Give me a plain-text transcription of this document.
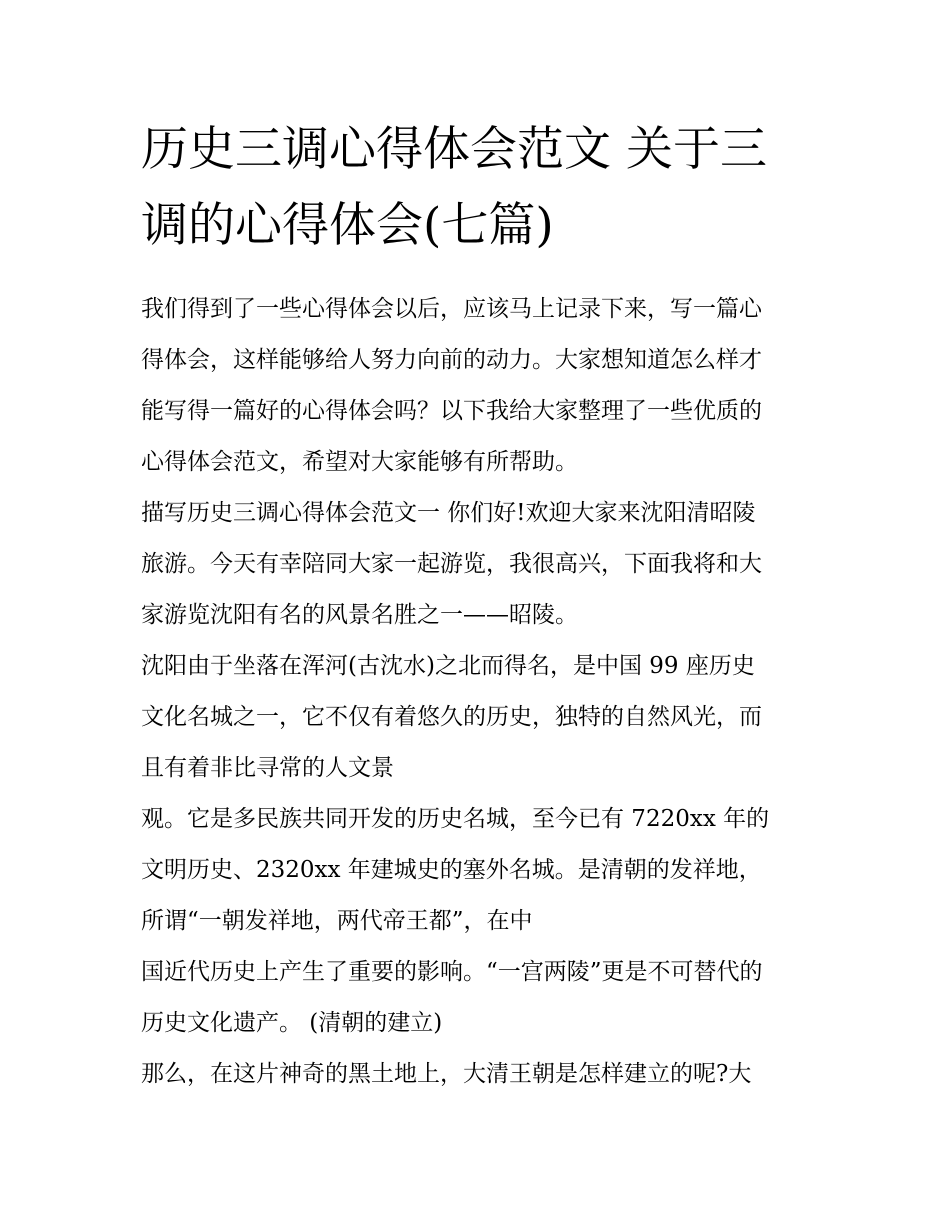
历史三调心得体会范文 关于三
调的心得体会(七篇)
我们得到了一些心得体会以后，应该马上记录下来，写一篇心
得体会，这样能够给人努力向前的动力。大家想知道怎么样才
能写得一篇好的心得体会吗？以下我给大家整理了一些优质的
心得体会范文，希望对大家能够有所帮助。
描写历史三调心得体会范文一 你们好!欢迎大家来沈阳清昭陵
旅游。今天有幸陪同大家一起游览，我很高兴，下面我将和大
家游览沈阳有名的风景名胜之一——昭陵。
沈阳由于坐落在浑河(古沈水)之北而得名，是中国 99 座历史
文化名城之一，它不仅有着悠久的历史，独特的自然风光，而
且有着非比寻常的人文景
观。它是多民族共同开发的历史名城，至今已有 7220xx 年的
文明历史、2320xx 年建城史的塞外名城。是清朝的发祥地，
所谓“一朝发祥地，两代帝王都”，在中
国近代历史上产生了重要的影响。“一宫两陵”更是不可替代的
历史文化遗产。 (清朝的建立)
那么，在这片神奇的黑土地上，大清王朝是怎样建立的呢?大
